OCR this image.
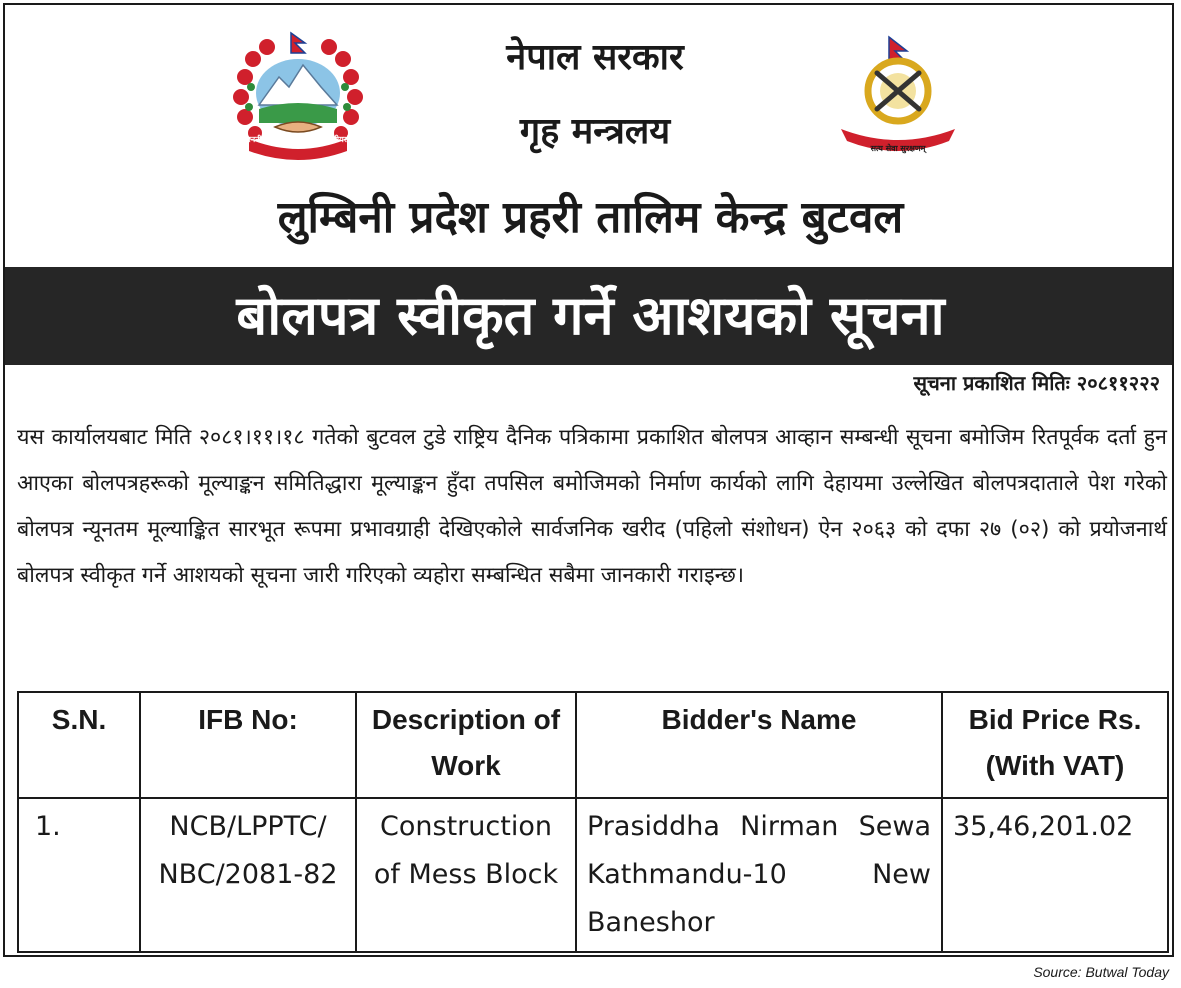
जननी जन्मभूमिश्च स्वर्गादपि गरीयसी
नेपाल सरकार
गृह मन्त्रलय	नेपाल प्रहरी
सत्य सेवा सुरक्षणम्
लुम्बिनी प्रदेश प्रहरी तालिम केन्द्र बुटवल
बोलपत्र स्वीकृत गर्ने आशयको सूचना
सूचना प्रकाशित मितिः २०८११२२२
यस कार्यालयबाट मिति २०८१।११।१८ गतेको बुटवल टुडे राष्ट्रिय दैनिक पत्रिकामा प्रकाशित बोलपत्र आव्हान सम्बन्धी सूचना बमोजिम रितपूर्वक दर्ता हुन आएका बोलपत्रहरूको मूल्याङ्कन समितिद्धारा मूल्याङ्कन हुँदा तपसिल बमोजिमको निर्माण कार्यको लागि देहायमा उल्लेखित बोलपत्रदाताले पेश गरेको बोलपत्र न्यूनतम मूल्याङ्कित सारभूत रूपमा प्रभावग्राही देखिएकोले सार्वजनिक खरीद (पहिलो संशोधन) ऐन २०६३ को दफा २७ (०२) को प्रयोजनार्थ बोलपत्र स्वीकृत गर्ने आशयको सूचना जारी गरिएको व्यहोरा सम्बन्धित सबैमा जानकारी गराइन्छ।
S.N.	IFB No:	Description of Work	Bidder's Name	Bid Price Rs. (With VAT)
1.	NCB/LPPTC/ NBC/2081-82	Construction of Mess Block	Prasiddha Nirman Sewa Kathmandu-10 New Baneshor	35,46,201.02
Source: Butwal Today
